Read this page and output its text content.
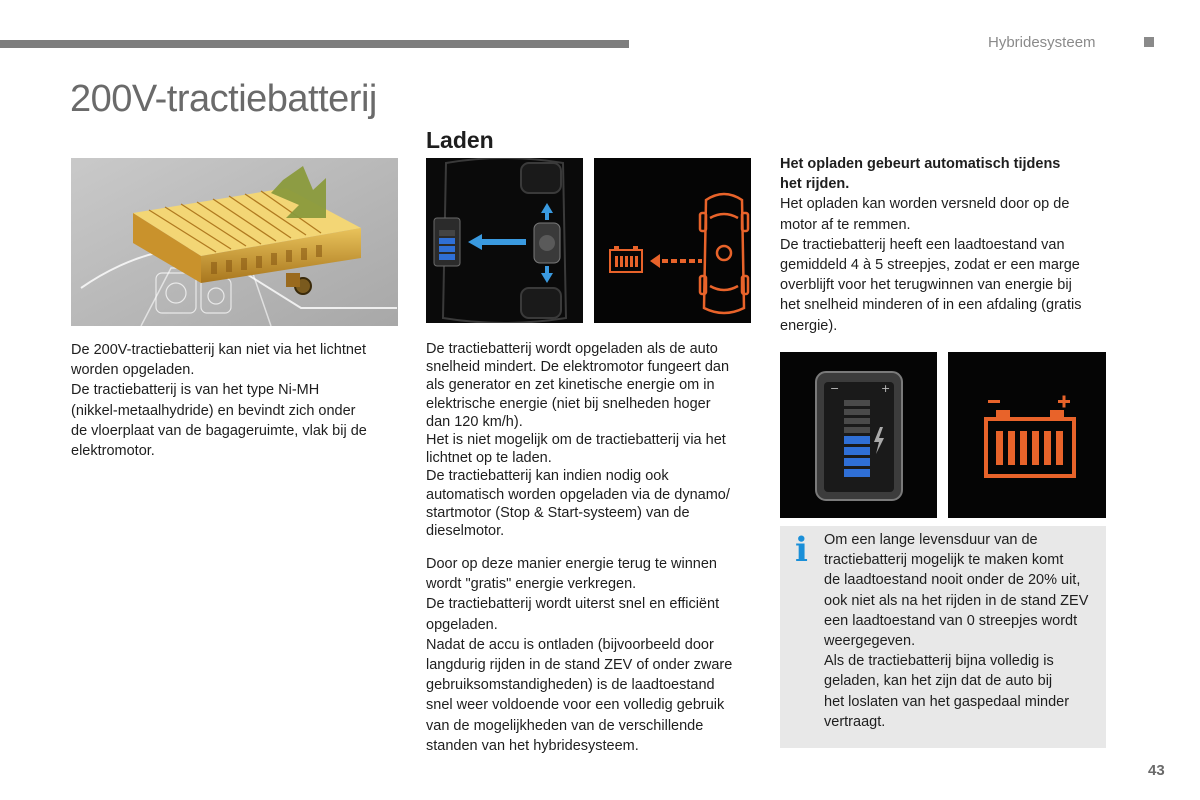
Hybridesysteem
200V-tractiebatterij
Laden
−	+

De 200V-tractiebatterij kan niet via het lichtnet

worden opgeladen.

De tractiebatterij is van het type Ni-MH

(nikkel-metaalhydride) en bevindt zich onder

de vloerplaat van de bagageruimte, vlak bij de

elektromotor.

De tractiebatterij wordt opgeladen als de auto

snelheid mindert. De elektromotor fungeert dan

als generator en zet kinetische energie om in

elektrische energie (niet bij snelheden hoger

dan 120 km/h).

Het is niet mogelijk om de tractiebatterij via het

lichtnet op te laden.

De tractiebatterij kan indien nodig ook

automatisch worden opgeladen via de dynamo/

startmotor (Stop & Start-systeem) van de

dieselmotor.

Door op deze manier energie terug te winnen

wordt "gratis" energie verkregen.

De tractiebatterij wordt uiterst snel en efficiënt

opgeladen.

Nadat de accu is ontladen (bijvoorbeeld door

langdurig rijden in de stand ZEV of onder zware

gebruiksomstandigheden) is de laadtoestand

snel weer voldoende voor een volledig gebruik

van de mogelijkheden van de verschillende

standen van het hybridesysteem.

Het opladen gebeurt automatisch tijdens

het rijden.

Het opladen kan worden versneld door op de

motor af te remmen.

De tractiebatterij heeft een laadtoestand van

gemiddeld 4 à 5 streepjes, zodat er een marge

overblijft voor het terugwinnen van energie bij

het snelheid minderen of in een afdaling (gratis

energie).

i Om een lange levensduur van de

tractiebatterij mogelijk te maken komt

de laadtoestand nooit onder de 20% uit,

ook niet als na het rijden in de stand ZEV

een laadtoestand van 0 streepjes wordt

weergegeven.

Als de tractiebatterij bijna volledig is

geladen, kan het zijn dat de auto bij

het loslaten van het gaspedaal minder

vertraagt.

43
